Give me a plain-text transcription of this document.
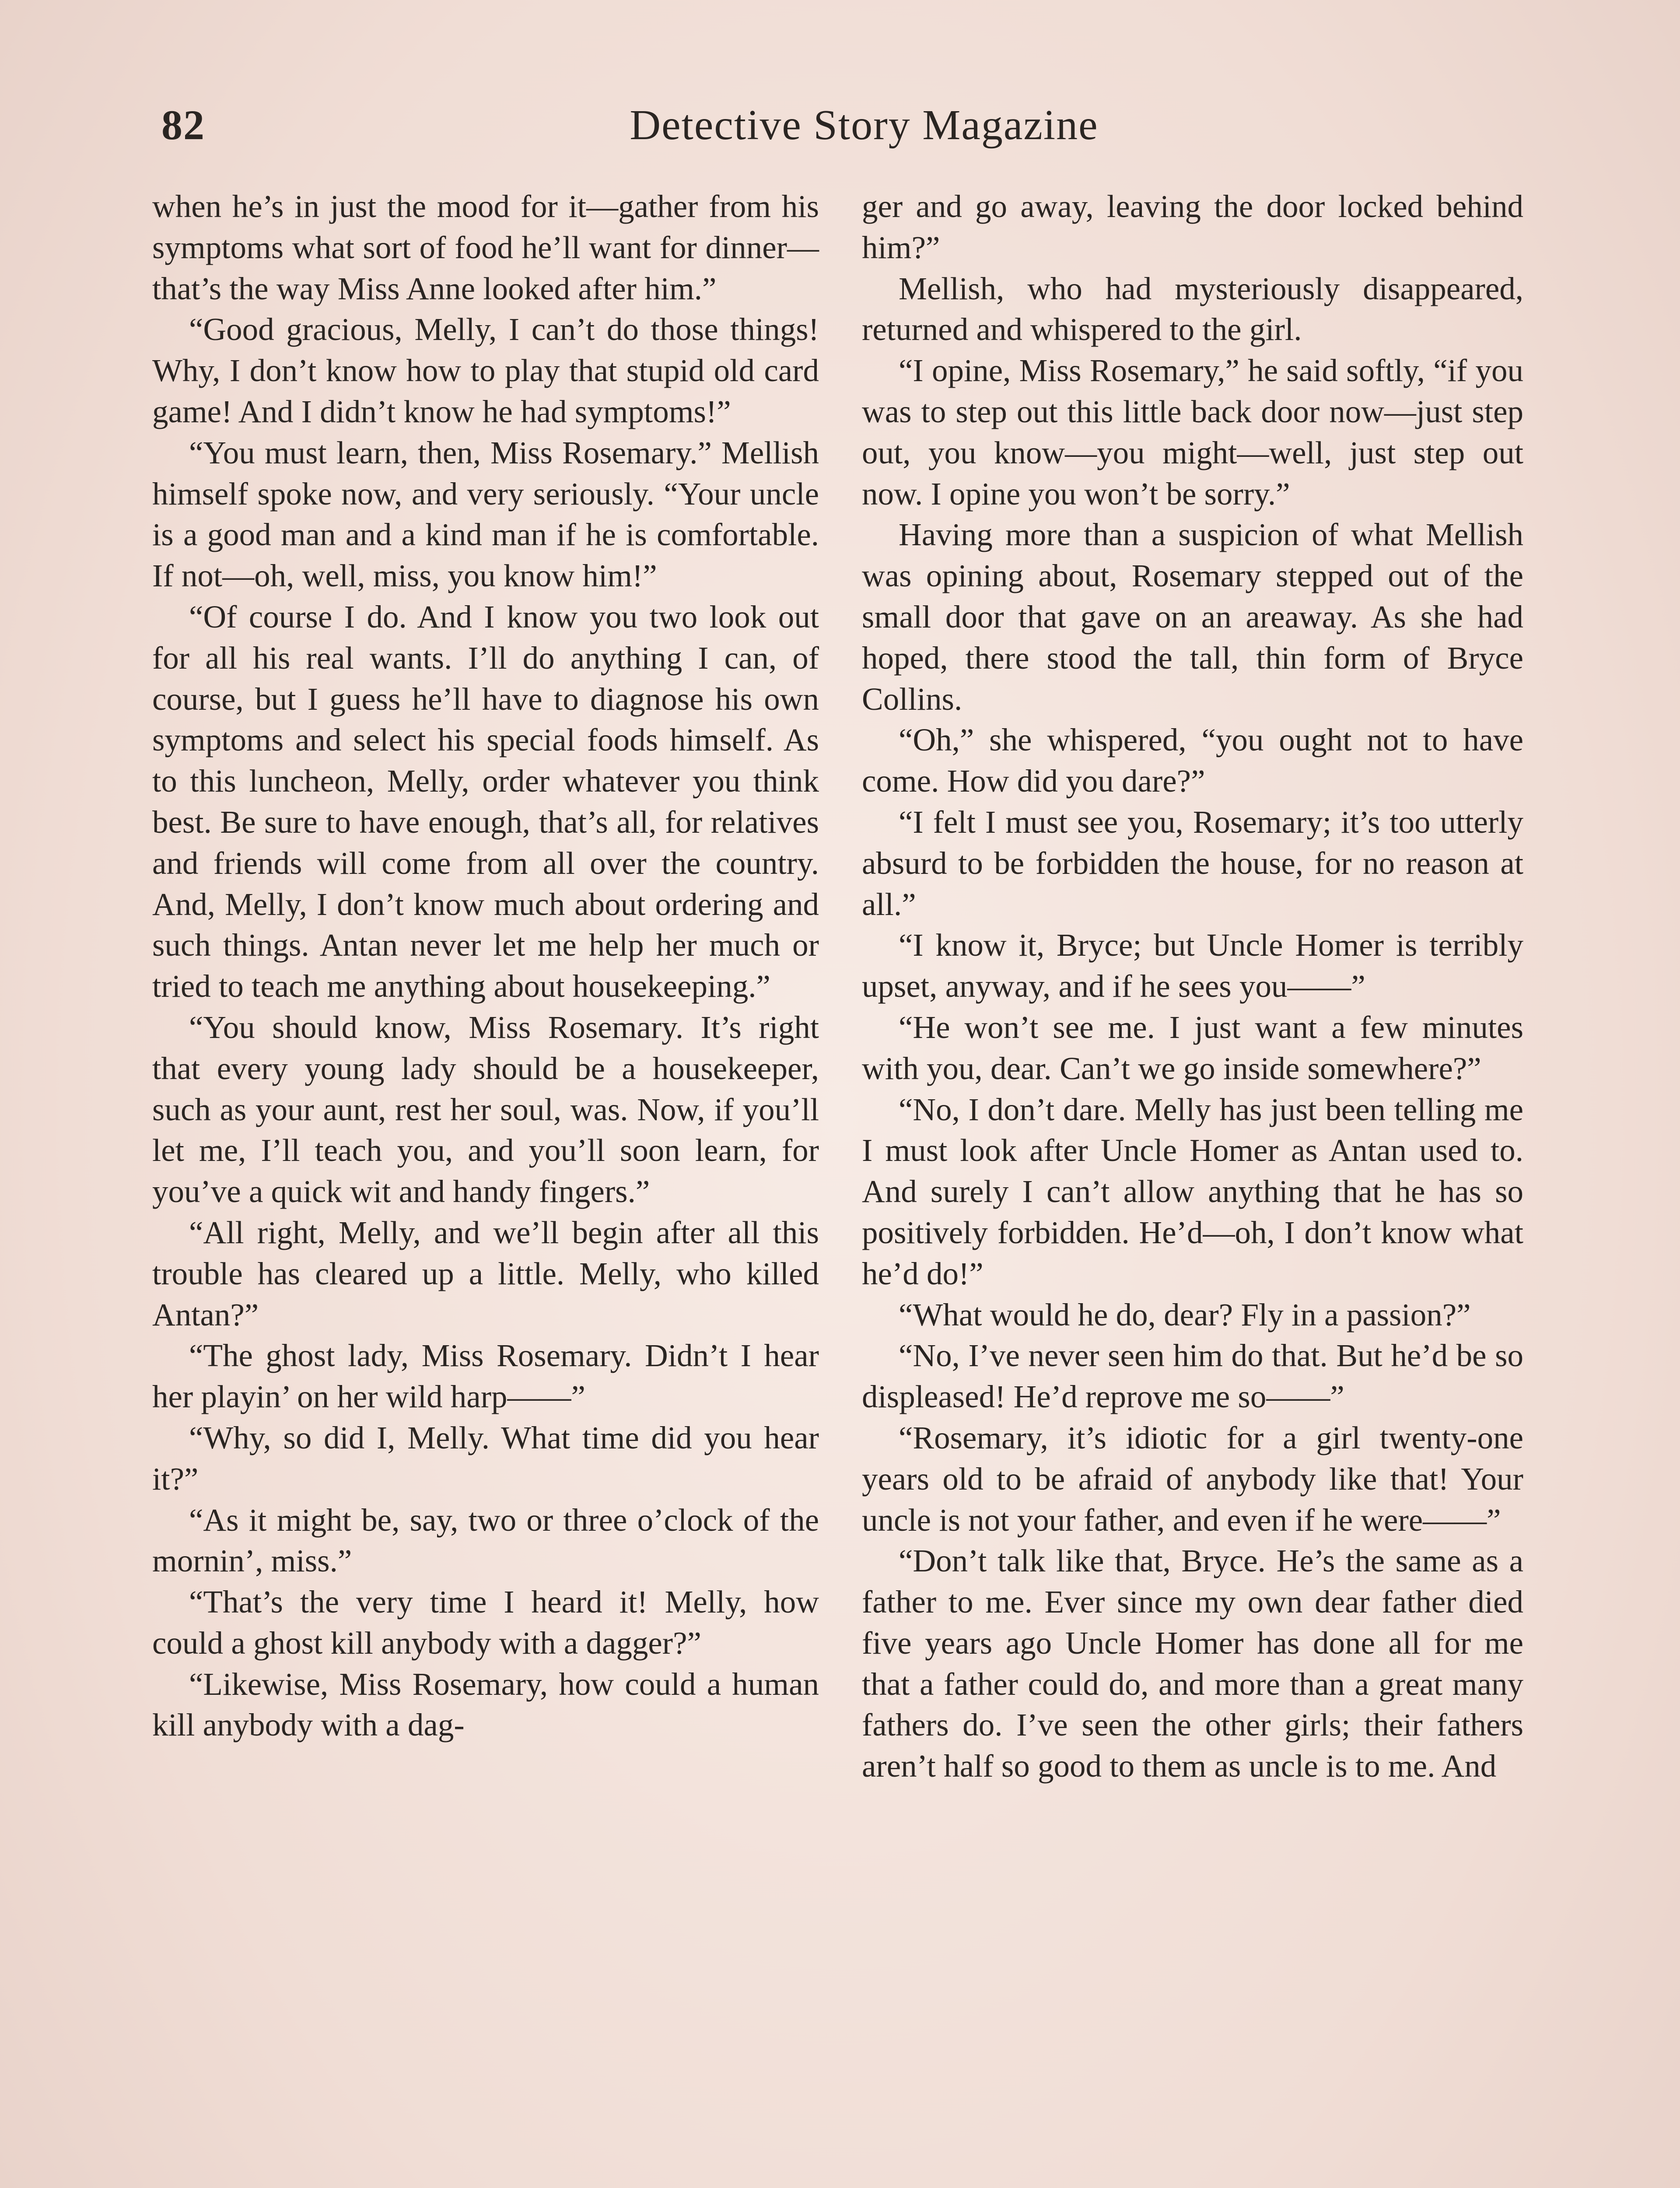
82	Detective Story Magazine

when he’s in just the mood for it—gather from his symptoms what sort of food he’ll want for dinner—that’s the way Miss Anne looked after him.”

“Good gracious, Melly, I can’t do those things! Why, I don’t know how to play that stupid old card game! And I didn’t know he had symptoms!”

“You must learn, then, Miss Rosemary.” Mellish himself spoke now, and very seriously. “Your uncle is a good man and a kind man if he is comfortable. If not—oh, well, miss, you know him!”

“Of course I do. And I know you two look out for all his real wants. I’ll do anything I can, of course, but I guess he’ll have to diagnose his own symptoms and select his special foods himself. As to this luncheon, Melly, order whatever you think best. Be sure to have enough, that’s all, for relatives and friends will come from all over the country. And, Melly, I don’t know much about ordering and such things. Antan never let me help her much or tried to teach me anything about housekeeping.”

“You should know, Miss Rosemary. It’s right that every young lady should be a housekeeper, such as your aunt, rest her soul, was. Now, if you’ll let me, I’ll teach you, and you’ll soon learn, for you’ve a quick wit and handy fingers.”

“All right, Melly, and we’ll begin after all this trouble has cleared up a little. Melly, who killed Antan?”

“The ghost lady, Miss Rosemary. Didn’t I hear her playin’ on her wild harp——”

“Why, so did I, Melly. What time did you hear it?”

“As it might be, say, two or three o’clock of the mornin’, miss.”

“That’s the very time I heard it! Melly, how could a ghost kill anybody with a dagger?”

“Likewise, Miss Rosemary, how could a human kill anybody with a dag-

ger and go away, leaving the door locked behind him?”

Mellish, who had mysteriously disappeared, returned and whispered to the girl.

“I opine, Miss Rosemary,” he said softly, “if you was to step out this little back door now—just step out, you know—you might—well, just step out now. I opine you won’t be sorry.”

Having more than a suspicion of what Mellish was opining about, Rosemary stepped out of the small door that gave on an areaway. As she had hoped, there stood the tall, thin form of Bryce Collins.

“Oh,” she whispered, “you ought not to have come. How did you dare?”

“I felt I must see you, Rosemary; it’s too utterly absurd to be forbidden the house, for no reason at all.”

“I know it, Bryce; but Uncle Homer is terribly upset, anyway, and if he sees you——”

“He won’t see me. I just want a few minutes with you, dear. Can’t we go inside somewhere?”

“No, I don’t dare. Melly has just been telling me I must look after Uncle Homer as Antan used to. And surely I can’t allow anything that he has so positively forbidden. He’d—oh, I don’t know what he’d do!”

“What would he do, dear? Fly in a passion?”

“No, I’ve never seen him do that. But he’d be so displeased! He’d reprove me so——”

“Rosemary, it’s idiotic for a girl twenty-one years old to be afraid of anybody like that! Your uncle is not your father, and even if he were——”

“Don’t talk like that, Bryce. He’s the same as a father to me. Ever since my own dear father died five years ago Uncle Homer has done all for me that a father could do, and more than a great many fathers do. I’ve seen the other girls; their fathers aren’t half so good to them as uncle is to me. And
